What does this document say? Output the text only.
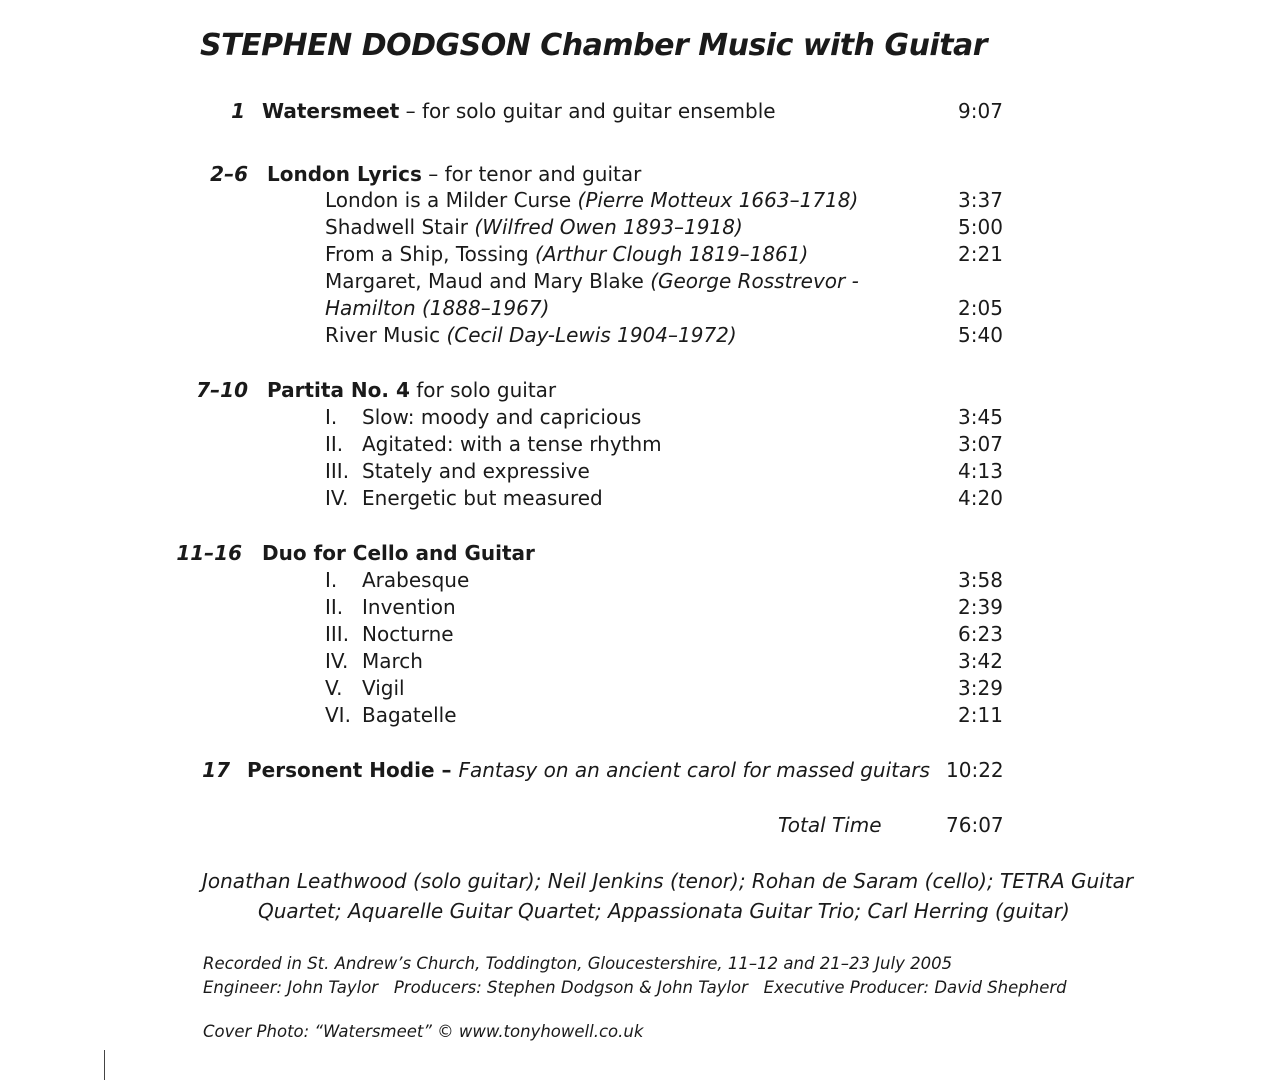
STEPHEN DODGSON Chamber Music with Guitar
1 Watersmeet – for solo guitar and guitar ensemble	9:07
2–6 London Lyrics – for tenor and guitar
London is a Milder Curse (Pierre Motteux 1663–1718)	3:37
Shadwell Stair (Wilfred Owen 1893–1918)	5:00
From a Ship, Tossing (Arthur Clough 1819–1861)	2:21
Margaret, Maud and Mary Blake (George Rosstrevor -
Hamilton (1888–1967)	2:05
River Music (Cecil Day-Lewis 1904–1972)	5:40
7–10 Partita No. 4 for solo guitar
I. Slow: moody and capricious	3:45
II. Agitated: with a tense rhythm	3:07
III. Stately and expressive	4:13
IV. Energetic but measured	4:20
11–16 Duo for Cello and Guitar
I. Arabesque	3:58
II. Invention	2:39
III. Nocturne	6:23
IV. March	3:42
V. Vigil	3:29
VI. Bagatelle	2:11
17 Personent Hodie – Fantasy on an ancient carol for massed guitars 10:22
Total Time	76:07
Jonathan Leathwood (solo guitar); Neil Jenkins (tenor); Rohan de Saram (cello); TETRA Guitar
Quartet; Aquarelle Guitar Quartet; Appassionata Guitar Trio; Carl Herring (guitar)
Recorded in St. Andrew’s Church, Toddington, Gloucestershire, 11–12 and 21–23 July 2005
Engineer: John Taylor   Producers: Stephen Dodgson & John Taylor   Executive Producer: David Shepherd
Cover Photo: “Watersmeet” © www.tonyhowell.co.uk
